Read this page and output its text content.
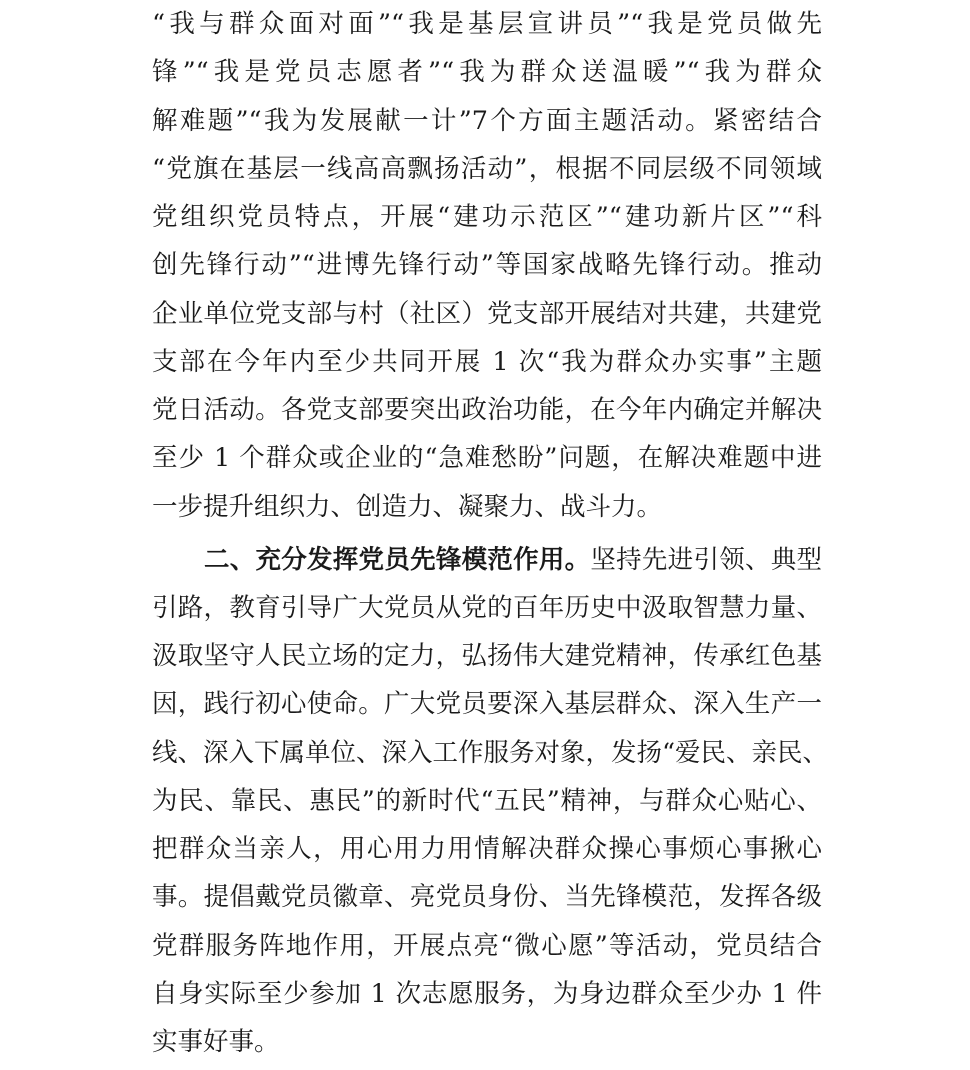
“我与群众面对面”“我是基层宣讲员”“我是党员做先
锋”“我是党员志愿者”“我为群众送温暖”“我为群众
解难题”“我为发展献一计”7个方面主题活动。紧密结合
“党旗在基层一线高高飘扬活动”，根据不同层级不同领域
党组织党员特点，开展“建功示范区”“建功新片区”“科
创先锋行动”“进博先锋行动”等国家战略先锋行动。推动
企业单位党支部与村（社区）党支部开展结对共建，共建党
支部在今年内至少共同开展 1 次“我为群众办实事”主题
党日活动。各党支部要突出政治功能，在今年内确定并解决
至少 1 个群众或企业的“急难愁盼”问题，在解决难题中进
一步提升组织力、创造力、凝聚力、战斗力。
二、充分发挥党员先锋模范作用。坚持先进引领、典型
引路，教育引导广大党员从党的百年历史中汲取智慧力量、
汲取坚守人民立场的定力，弘扬伟大建党精神，传承红色基
因，践行初心使命。广大党员要深入基层群众、深入生产一
线、深入下属单位、深入工作服务对象，发扬“爱民、亲民、
为民、靠民、惠民”的新时代“五民”精神，与群众心贴心、
把群众当亲人，用心用力用情解决群众操心事烦心事揪心
事。提倡戴党员徽章、亮党员身份、当先锋模范，发挥各级
党群服务阵地作用，开展点亮“微心愿”等活动，党员结合
自身实际至少参加 1 次志愿服务，为身边群众至少办 1 件
实事好事。
